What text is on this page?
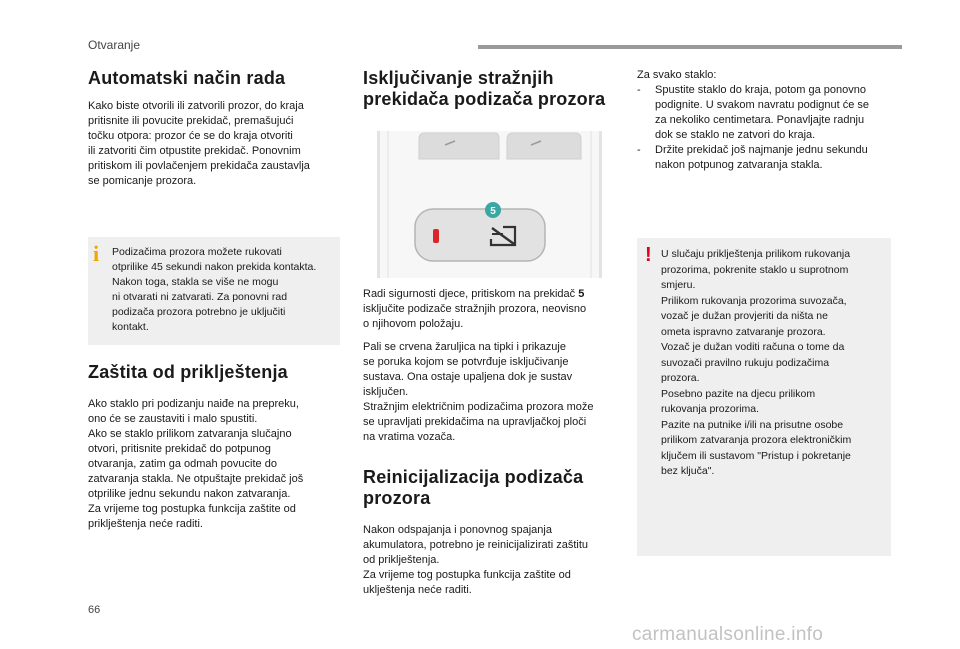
Otvaranje
Automatski način rada

Kako biste otvorili ili zatvorili prozor, do kraja
pritisnite ili povucite prekidač, premašujući
točku otpora: prozor će se do kraja otvoriti
ili zatvoriti čim otpustite prekidač. Ponovnim
pritiskom ili povlačenjem prekidača zaustavlja
se pomicanje prozora.

i Podizačima prozora možete rukovati
otprilike 45 sekundi nakon prekida kontakta.
Nakon toga, stakla se više ne mogu
ni otvarati ni zatvarati. Za ponovni rad
podizača prozora potrebno je uključiti
kontakt.

Zaštita od priklještenja

Ako staklo pri podizanju naiđe na prepreku,
ono će se zaustaviti i malo spustiti.
Ako se staklo prilikom zatvaranja slučajno
otvori, pritisnite prekidač do potpunog
otvaranja, zatim ga odmah povucite do
zatvaranja stakla. Ne otpuštajte prekidač još
otprilike jednu sekundu nakon zatvaranja.
Za vrijeme tog postupka funkcija zaštite od
priklještenja neće raditi.

Isključivanje stražnjih
prekidača podizača prozora
5

Radi sigurnosti djece, pritiskom na prekidač 5
isključite podizače stražnjih prozora, neovisno
o njihovom položaju.

Pali se crvena žaruljica na tipki i prikazuje
se poruka kojom se potvrđuje isključivanje
sustava. Ona ostaje upaljena dok je sustav
isključen.
Stražnjim električnim podizačima prozora može
se upravljati prekidačima na upravljačkoj ploči
na vratima vozača.

Reinicijalizacija podizača
prozora

Nakon odspajanja i ponovnog spajanja
akumulatora, potrebno je reinicijalizirati zaštitu
od priklještenja.
Za vrijeme tog postupka funkcija zaštite od
uklještenja neće raditi.

Za svako staklo:

- Spustite staklo do kraja, potom ga ponovno
podignite. U svakom navratu podignut će se
za nekoliko centimetara. Ponavljajte radnju
dok se staklo ne zatvori do kraja.
- Držite prekidač još najmanje jednu sekundu
nakon potpunog zatvaranja stakla.
! U slučaju priklještenja prilikom rukovanja
prozorima, pokrenite staklo u suprotnom
smjeru.
Prilikom rukovanja prozorima suvozača,
vozač je dužan provjeriti da ništa ne
ometa ispravno zatvaranje prozora.
Vozač je dužan voditi računa o tome da
suvozači pravilno rukuju podizačima
prozora.
Posebno pazite na djecu prilikom
rukovanja prozorima.
Pazite na putnike i/ili na prisutne osobe
prilikom zatvaranja prozora elektroničkim
ključem ili sustavom "Pristup i pokretanje
bez ključa".

66
carmanualsonline.info
